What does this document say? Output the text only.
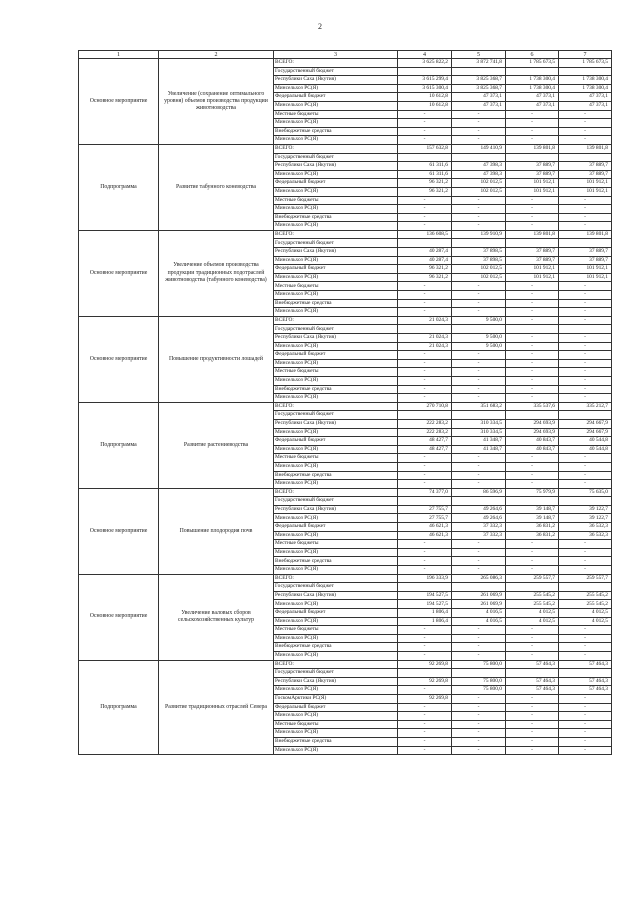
2
1	2	3	4	5	6	7
Основное мероприятие	Увеличение (сохранение оптимального уровня) объемов производства продукции животноводства	ВСЕГО:	3 625 822,2	3 872 741,8	1 785 673,5	1 785 673,5
		Государственный бюджет				
		Республики Саха (Якутия)	3 615 299,4	3 825 368,7	1 738 300,4	1 738 300,4
		Минсельхоз РС(Я)	3 615 300,4	3 825 368,7	1 738 300,4	1 738 300,4
		Федеральный бюджет	10 612,8	47 373,1	47 373,1	47 373,1
		Минсельхоз РС(Я)	10 612,8	47 373,1	47 373,1	47 373,1
		Местные бюджеты	-	-	-	-
		Минсельхоз РС(Я)	-	-	-	-
		Внебюджетные средства	-	-	-	-
		Минсельхоз РС(Я)	-	-	-	-
Подпрограмма	Развитие табунного коневодства	ВСЕГО:	157 632,8	149 410,9	139 801,8	139 801,8
		Государственный бюджет				
		Республики Саха (Якутия)	61 311,6	47 398,3	37 889,7	37 889,7
		Минсельхоз РС(Я)	61 311,6	47 398,3	37 889,7	37 889,7
		Федеральный бюджет	96 321,2	102 012,5	101 912,1	101 912,1
		Минсельхоз РС(Я)	96 321,2	102 012,5	101 912,1	101 912,1
		Местные бюджеты	-	-	-	-
		Минсельхоз РС(Я)	-	-	-	-
		Внебюджетные средства	-	-	-	-
		Минсельхоз РС(Я)	-	-	-	-
Основное мероприятие	Увеличение объемов производства продукции традиционных подотраслей животноводства (табунного коневодства)	ВСЕГО:	136 608,5	139 910,9	139 801,8	139 801,8
		Государственный бюджет				
		Республики Саха (Якутия)	40 287,4	37 898,5	37 889,7	37 889,7
		Минсельхоз РС(Я)	40 287,4	37 898,5	37 889,7	37 889,7
		Федеральный бюджет	96 321,2	102 012,5	101 912,1	101 912,1
		Минсельхоз РС(Я)	96 321,2	102 012,5	101 912,1	101 912,1
		Местные бюджеты	-	-	-	-
		Минсельхоз РС(Я)	-	-	-	-
		Внебюджетные средства	-	-	-	-
		Минсельхоз РС(Я)	-	-	-	-
Основное мероприятие	Повышение продуктивности лошадей	ВСЕГО:	21 024,3	9 500,0	-	-
		Государственный бюджет				
		Республики Саха (Якутия)	21 024,3	9 500,0	-	-
		Минсельхоз РС(Я)	21 024,3	9 500,0	-	-
		Федеральный бюджет	-	-	-	-
		Минсельхоз РС(Я)	-	-	-	-
		Местные бюджеты	-	-	-	-
		Минсельхоз РС(Я)	-	-	-	-
		Внебюджетные средства	-	-	-	-
		Минсельхоз РС(Я)	-	-	-	-
Подпрограмма	Развитие растениеводства	ВСЕГО:	270 710,8	351 683,2	335 537,6	335 212,7
		Государственный бюджет				
		Республики Саха (Якутия)	222 283,2	310 334,5	294 693,9	294 667,9
		Минсельхоз РС(Я)	222 283,2	310 334,5	294 693,9	294 667,9
		Федеральный бюджет	48 427,7	41 348,7	40 843,7	40 544,8
		Минсельхоз РС(Я)	48 427,7	41 348,7	40 843,7	40 544,8
		Местные бюджеты	-	-	-	-
		Минсельхоз РС(Я)	-	-	-	-
		Внебюджетные средства	-	-	-	-
		Минсельхоз РС(Я)	-	-	-	-
Основное мероприятие	Повышение плодородия почв	ВСЕГО:	74 377,0	86 596,9	75 979,9	75 635,0
		Государственный бюджет				
		Республики Саха (Якутия)	27 755,7	49 264,6	39 148,7	39 122,7
		Минсельхоз РС(Я)	27 755,7	49 264,6	39 148,7	39 122,7
		Федеральный бюджет	46 621,3	37 332,3	36 831,2	36 532,3
		Минсельхоз РС(Я)	46 621,3	37 332,3	36 831,2	36 532,3
		Местные бюджеты	-	-	-	-
		Минсельхоз РС(Я)	-	-	-	-
		Внебюджетные средства	-	-	-	-
		Минсельхоз РС(Я)	-	-	-	-
Основное мероприятие	Увеличение валовых сборов сельскохозяйственных культур	ВСЕГО:	196 333,9	265 086,3	259 557,7	259 557,7
		Государственный бюджет				
		Республики Саха (Якутия)	194 527,5	261 069,9	255 545,2	255 545,2
		Минсельхоз РС(Я)	194 527,5	261 069,9	255 545,2	255 545,2
		Федеральный бюджет	1 806,4	4 016,5	4 012,5	4 012,5
		Минсельхоз РС(Я)	1 806,4	4 016,5	4 012,5	4 012,5
		Местные бюджеты	-	-	-	-
		Минсельхоз РС(Я)	-	-	-	-
		Внебюджетные средства	-	-	-	-
		Минсельхоз РС(Я)	-	-	-	-
Подпрограмма	Развитие традиционных отраслей Севера	ВСЕГО:	92 269,8	75 800,0	57 464,3	57 464,3
		Государственный бюджет				
		Республики Саха (Якутия)	92 269,8	75 800,0	57 464,3	57 464,3
		Минсельхоз РС(Я)	-	75 800,0	57 464,3	57 464,3
		ГоскомАрктики РС(Я)	92 269,8	-	-	-
		Федеральный бюджет	-	-	-	-
		Минсельхоз РС(Я)	-	-	-	-
		Местные бюджеты	-	-	-	-
		Минсельхоз РС(Я)	-	-	-	-
		Внебюджетные средства	-	-	-	-
		Минсельхоз РС(Я)	-	-	-	-
